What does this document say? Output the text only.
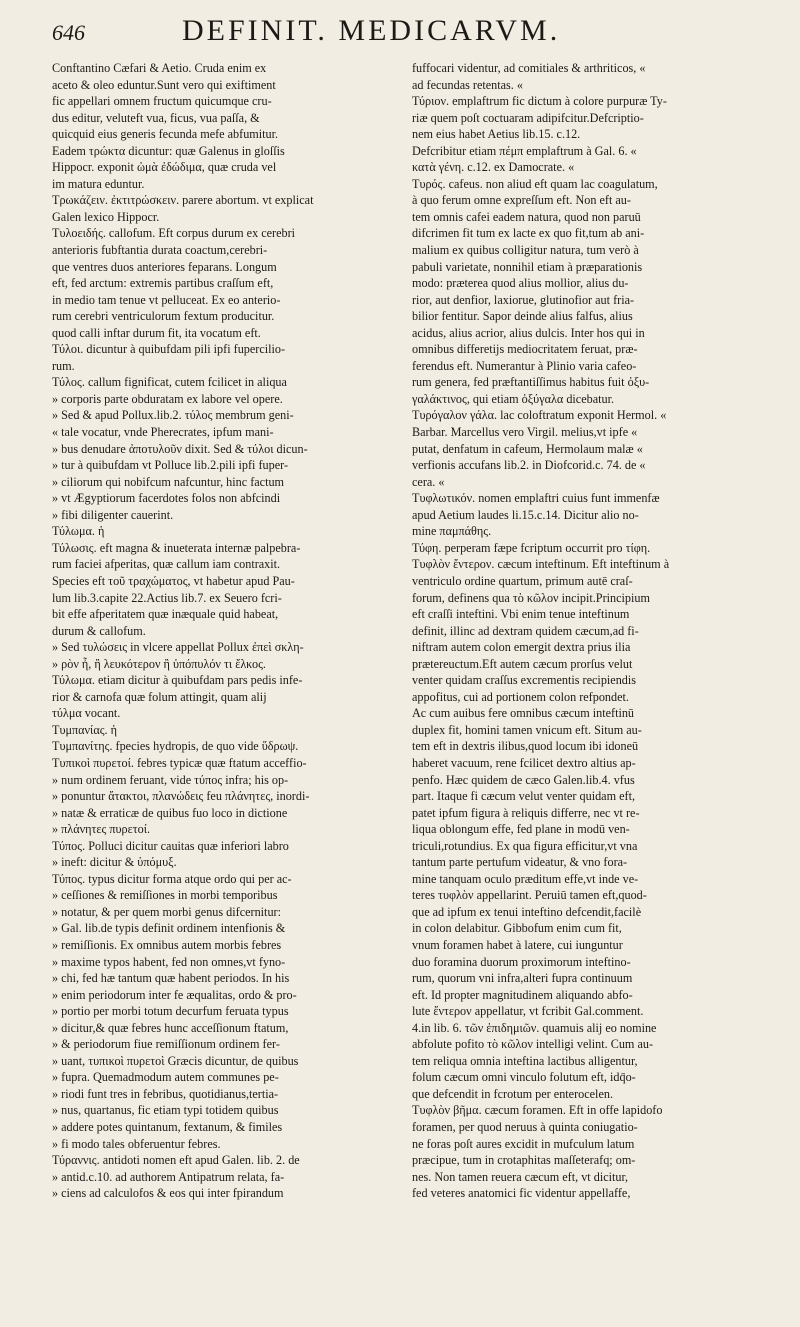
646	DEFINIT. MEDICARVM.
Conftantino Cæfari & Aetio. Cruda enim ex
aceto & oleo eduntur.Sunt vero qui exiftiment
fic appellari omnem fructum quicumque cru-
dus editur, veluteft vua, ficus, vua paſſa, &
quicquid eius generis fecunda mefe abfumitur.
Eadem τρώκτα dicuntur: quæ Galenus in gloſſis
Hippocr. exponit ὠμὰ ἐδώδιμα, quæ cruda vel
im matura eduntur.
Τρωκάζειν. ἐκτιτρώσκειν. parere abortum. vt explicat
Galen lexico Hippocr.
Τυλοειδής. callofum. Eft corpus durum ex cerebri
anterioris fubftantia durata coactum,cerebri-
que ventres duos anteriores feparans. Longum
eft, fed arctum: extremis partibus craſſum eft,
in medio tam tenue vt pelluceat. Ex eo anterio-
rum cerebri ventriculorum fextum producitur.
quod calli inftar durum fit, ita vocatum eft.
Τύλοι. dicuntur à quibufdam pili ipfi fupercilio-
rum.
Τύλος. callum fignificat, cutem fcilicet in aliqua
» corporis parte obduratam ex labore vel opere.
» Sed & apud Pollux.lib.2. τύλος membrum geni-
« tale vocatur, vnde Pherecrates, ipfum mani-
» bus denudare ἀποτυλοῦν dixit. Sed & τύλοι dicun-
» tur à quibufdam vt Polluce lib.2.pili ipfi fuper-
» ciliorum qui nobifcum nafcuntur, hinc factum
» vt Ægyptiorum facerdotes folos non abfcindi
» fibi diligenter cauerint.
Τύλωμα. ἡ
Τύλωσις. eft magna & inueterata internæ palpebra-
rum faciei afperitas, quæ callum iam contraxit.
Species eft τοῦ τραχώματος, vt habetur apud Pau-
lum lib.3.capite 22.Actius lib.7. ex Seuero fcri-
bit effe afperitatem quæ inæquale quid habeat,
durum & callofum.
» Sed τυλώσεις in vlcere appellat Pollux ἐπεὶ σκλη-
» ρὸν ἦ, ἢ λευκότερον ἢ ὑπόπυλόν τι ἔλκος.
Τύλωμα. etiam dicitur à quibufdam pars pedis infe-
rior & carnofa quæ folum attingit, quam alij
τύλμα vocant.
Τυμπανίας. ἡ
Τυμπανίτης. fpecies hydropis, de quo vide ὕδρωψ.
Τυπικοὶ πυρετοί. febres typicæ quæ ftatum acceffio-
» num ordinem feruant, vide τύπος infra; his op-
» ponuntur ἄτακτοι, πλανώδεις feu πλάνητες, inordi-
» natæ & erraticæ de quibus fuo loco in dictione
» πλάνητες πυρετοί.
Τύπος. Polluci dicitur cauitas quæ inferiori labro
» ineft: dicitur & ὑπόμυξ.
Τύπος. typus dicitur forma atque ordo qui per ac-
» ceſſiones & remiſſiones in morbi temporibus
» notatur, & per quem morbi genus difcernitur:
» Gal. lib.de typis definit ordinem intenfionis &
» remiſſionis. Ex omnibus autem morbis febres
» maxime typos habent, fed non omnes,vt fyno-
» chi, fed hæ tantum quæ habent periodos. In his
» enim periodorum inter fe æqualitas, ordo & pro-
» portio per morbi totum decurfum feruata typus
» dicitur,& quæ febres hunc acceſſionum ftatum,
» & periodorum fiue remiſſionum ordinem fer-
» uant, τυπικοὶ πυρετοὶ Græcis dicuntur, de quibus
» fupra. Quemadmodum autem communes pe-
» riodi funt tres in febribus, quotidianus,tertia-
» nus, quartanus, fic etiam typi totidem quibus
» addere potes quintanum, fextanum, & fimiles
» fi modo tales obferuentur febres.
Τύραννις. antidoti nomen eft apud Galen. lib. 2. de
» antid.c.10. ad authorem Antipatrum relata, fa-
» ciens ad calculofos & eos qui inter fpirandum
fuffocari videntur, ad comitiales & arthriticos, «
ad fecundas retentas. «
Τύριον. emplaftrum fic dictum à colore purpuræ Ty-
riæ quem poſt coctuaram adipifcitur.Defcriptio-
nem eius habet Aetius lib.15. c.12.
Defcribitur etiam πέμπ emplaftrum à Gal. 6. «
κατὰ γένη. c.12. ex Damocrate. «
Τυρός. cafeus. non aliud eft quam lac coagulatum,
à quo ferum omne expreſſum eft. Non eft au-
tem omnis cafei eadem natura, quod non paruū
difcrimen fit tum ex lacte ex quo fit,tum ab ani-
malium ex quibus colligitur natura, tum verò à
pabuli varietate, nonnihil etiam à præparationis
modo: præterea quod alius mollior, alius du-
rior, aut denfior, laxiorue, glutinofior aut fria-
bilior fentitur. Sapor deinde alius falfus, alius
acidus, alius acrior, alius dulcis. Inter hos qui in
omnibus differetijs mediocritatem feruat, præ-
ferendus eft. Numerantur à Plinio varia cafeo-
rum genera, fed præftantiſſimus habitus fuit ὀξυ-
γαλάκτινος, qui etiam ὀξύγαλα dicebatur.
Τυρόγαλον γάλα. lac coloftratum exponit Hermol. «
Barbar. Marcellus vero Virgil. melius,vt ipfe «
putat, denfatum in cafeum, Hermolaum malæ «
verfionis accufans lib.2. in Diofcorid.c. 74. de «
cera. «
Τυφλωτικόν. nomen emplaftri cuius funt immenfæ
apud Aetium laudes li.15.c.14. Dicitur alio no-
mine παμπάθης.
Τύφη. perperam fæpe fcriptum occurrit pro τίφη.
Τυφλὸν ἔντερον. cæcum inteftinum. Eft inteftinum à
ventriculo ordine quartum, primum autē craſ-
forum, definens qua τὸ κῶλον incipit.Principium
eft craſſi inteftini. Vbi enim tenue inteftinum
definit, illinc ad dextram quidem cæcum,ad fi-
niftram autem colon emergit dextra prius ilia
prætereuctum.Eft autem cæcum prorſus velut
venter quidam craſſus excrementis recipiendis
appofitus, cui ad portionem colon refpondet.
Ac cum auibus fere omnibus cæcum inteftinū
duplex fit, homini tamen vnicum eft. Situm au-
tem eft in dextris ilibus,quod locum ibi idoneū
haberet vacuum, rene fcilicet dextro altius ap-
penfo. Hæc quidem de cæco Galen.lib.4. vfus
part. Itaque fi cæcum velut venter quidam eft,
patet ipfum figura à reliquis differre, nec vt re-
liqua oblongum effe, fed plane in modū ven-
triculi,rotundius. Ex qua figura efficitur,vt vna
tantum parte pertufum videatur, & vno fora-
mine tanquam oculo præditum effe,vt inde ve-
teres τυφλὸν appellarint. Peruiū tamen eft,quod-
que ad ipfum ex tenui inteftino defcendit,facilè
in colon delabitur. Gibbofum enim cum fit,
vnum foramen habet à latere, cui iunguntur
duo foramina duorum proximorum inteftino-
rum, quorum vni infra,alteri fupra continuum
eft. Id propter magnitudinem aliquando abfo-
lute ἔντερον appellatur, vt fcribit Gal.comment.
4.in lib. 6. τῶν ἐπιδημιῶν. quamuis alij eo nomine
abfolute pofito τὸ κῶλον intelligi velint. Cum au-
tem reliqua omnia inteftina lactibus alligentur,
folum cæcum omni vinculo folutum eft, idq̄o-
que defcendit in fcrotum per enterocelen.
Τυφλὸν βῆμα. cæcum foramen. Eft in offe lapidofo
foramen, per quod neruus à quinta coniugatio-
ne foras poſt aures excidit in mufculum latum
præcipue, tum in crotaphitas maſſeterafq; om-
nes. Non tamen reuera cæcum eft, vt dicitur,
fed veteres anatomici fic videntur appellaffe,
